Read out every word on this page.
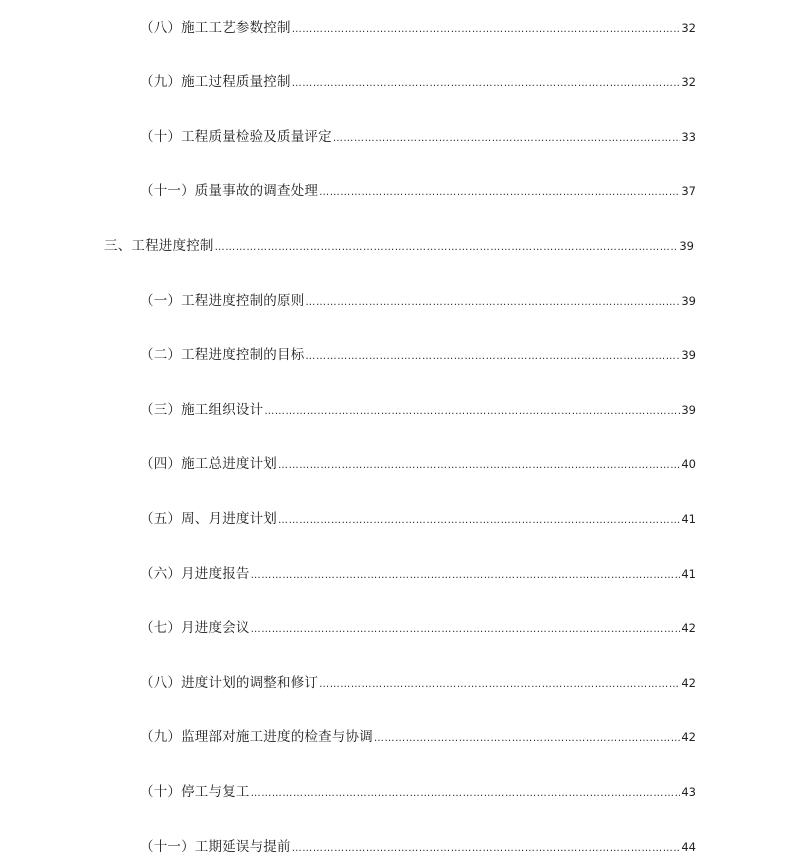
（八）施工工艺参数控制 …………………………………………………………………………………………………………………………………………………………………………………………………………………………………………	32
（九）施工过程质量控制 …………………………………………………………………………………………………………………………………………………………………………………………………………………………………………	32
（十）工程质量检验及质量评定 …………………………………………………………………………………………………………………………………………………………………………………………………………………………………………	33
（十一）质量事故的调查处理 …………………………………………………………………………………………………………………………………………………………………………………………………………………………………………	37
三、工程进度控制 …………………………………………………………………………………………………………………………………………………………………………………………………………………………………………	39
（一）工程进度控制的原则 …………………………………………………………………………………………………………………………………………………………………………………………………………………………………………	39
（二）工程进度控制的目标 …………………………………………………………………………………………………………………………………………………………………………………………………………………………………………	39
（三）施工组织设计 …………………………………………………………………………………………………………………………………………………………………………………………………………………………………………	39
（四）施工总进度计划 …………………………………………………………………………………………………………………………………………………………………………………………………………………………………………	40
（五）周、月进度计划 …………………………………………………………………………………………………………………………………………………………………………………………………………………………………………	41
（六）月进度报告 …………………………………………………………………………………………………………………………………………………………………………………………………………………………………………	41
（七）月进度会议 …………………………………………………………………………………………………………………………………………………………………………………………………………………………………………	42
（八）进度计划的调整和修订 …………………………………………………………………………………………………………………………………………………………………………………………………………………………………………	42
（九）监理部对施工进度的检查与协调 …………………………………………………………………………………………………………………………………………………………………………………………………………………………………………	42
（十）停工与复工 …………………………………………………………………………………………………………………………………………………………………………………………………………………………………………	43
（十一）工期延误与提前 …………………………………………………………………………………………………………………………………………………………………………………………………………………………………………	44
